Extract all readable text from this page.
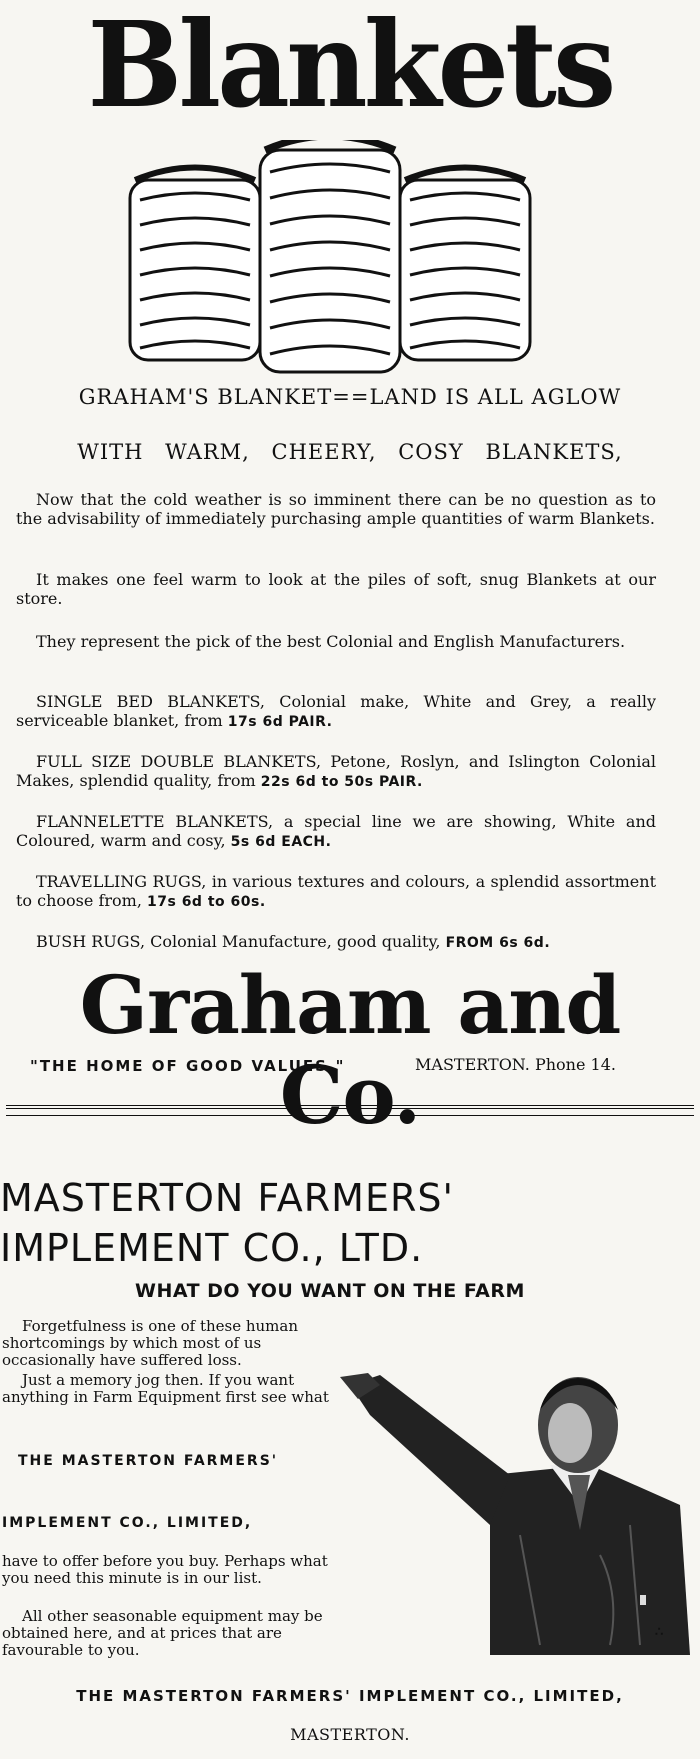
Blankets
GRAHAM'S BLANKET==LAND IS ALL AGLOW
WITH WARM, CHEERY, COSY BLANKETS,
Now that the cold weather is so imminent there can be no question as to the advisability of immediately purchasing ample quantities of warm Blankets.
It makes one feel warm to look at the piles of soft, snug Blankets at our store.
They represent the pick of the best Colonial and English Manufacturers.
SINGLE BED BLANKETS, Colonial make, White and Grey, a really serviceable blanket, from 17s 6d PAIR.
FULL SIZE DOUBLE BLANKETS, Petone, Roslyn, and Islington Colonial Makes, splendid quality, from 22s 6d to 50s PAIR.
FLANNELETTE BLANKETS, a special line we are showing, White and Coloured, warm and cosy, 5s 6d EACH.
TRAVELLING RUGS, in various textures and colours, a splendid assortment to choose from, 17s 6d to 60s.
BUSH RUGS, Colonial Manufacture, good quality, FROM 6s 6d.
Graham and Co.
"THE HOME OF GOOD VALUES."	MASTERTON. Phone 14.
MASTERTON FARMERS'
IMPLEMENT CO., LTD.
WHAT DO YOU WANT ON THE FARM
Forgetfulness is one of these human shortcomings by which most of us occasionally have suffered loss.
Just a memory jog then. If you want anything in Farm Equipment first see what
THE MASTERTON FARMERS'
IMPLEMENT CO., LIMITED,
have to offer before you buy. Perhaps what you need this minute is in our list.
All other seasonable equipment may be obtained here, and at prices that are favourable to you.
∴
THE MASTERTON FARMERS' IMPLEMENT CO., LIMITED,
MASTERTON.
